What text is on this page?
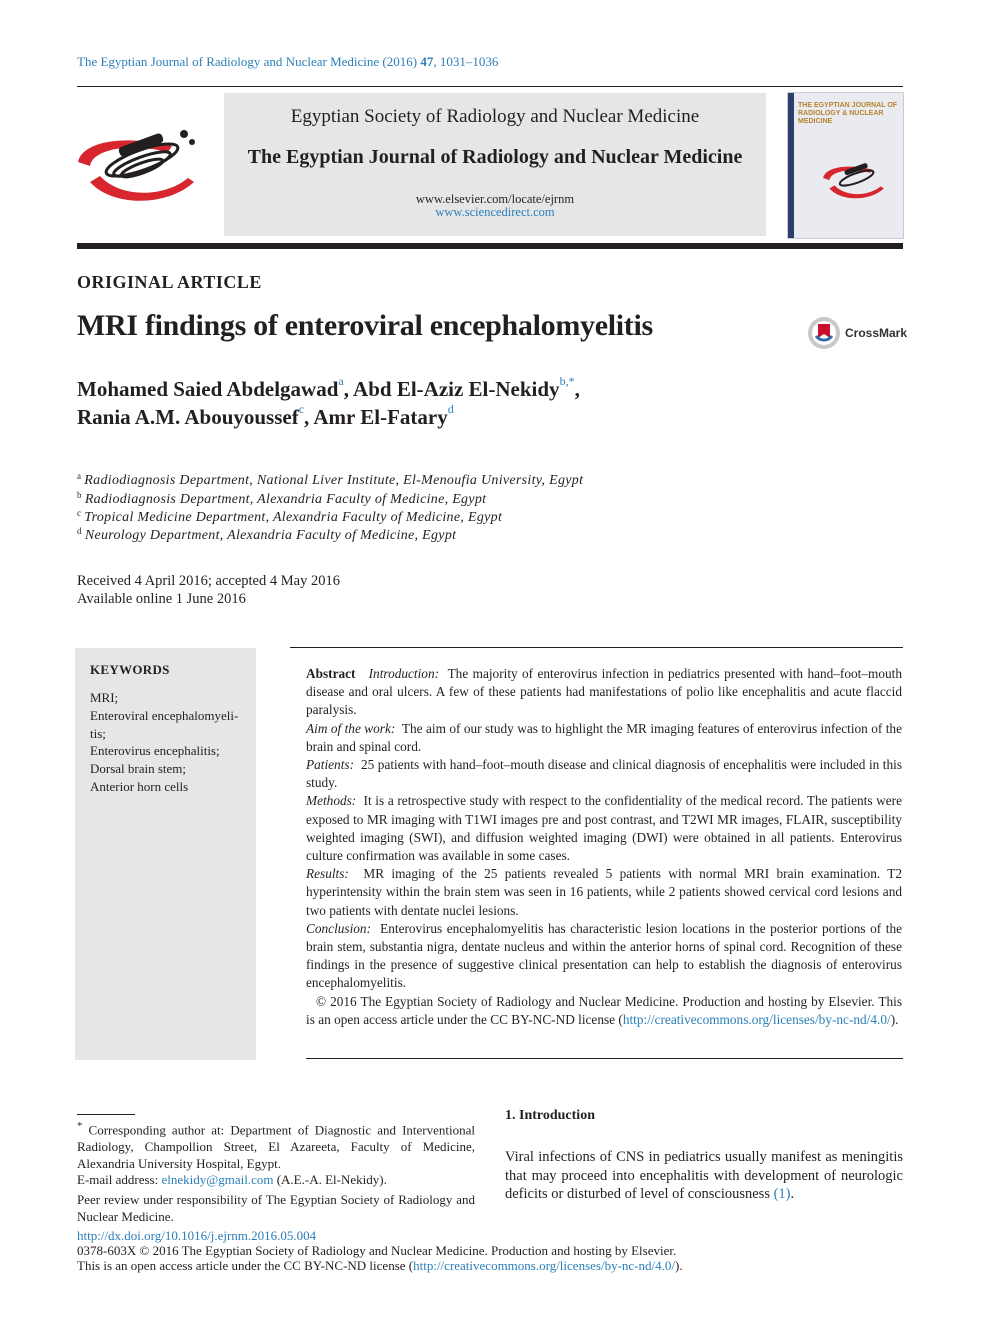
The Egyptian Journal of Radiology and Nuclear Medicine (2016) 47, 1031–1036
Egyptian Society of Radiology and Nuclear Medicine
The Egyptian Journal of Radiology and Nuclear Medicine
www.elsevier.com/locate/ejrnm
www.sciencedirect.com
THE EGYPTIAN JOURNAL OF RADIOLOGY & NUCLEAR MEDICINE
ORIGINAL ARTICLE
MRI findings of enteroviral encephalomyelitis	CrossMark
Mohamed Saied Abdelgawad$^a$, Abd El-Aziz El-Nekidy$^{b,*}$,
Rania A.M. Abouyoussef$^c$, Amr El-Fatary$^d$
$^a$ Radiodiagnosis Department, National Liver Institute, El-Menoufia University, Egypt
$^b$ Radiodiagnosis Department, Alexandria Faculty of Medicine, Egypt
$^c$ Tropical Medicine Department, Alexandria Faculty of Medicine, Egypt
$^d$ Neurology Department, Alexandria Faculty of Medicine, Egypt
Received 4 April 2016; accepted 4 May 2016
Available online 1 June 2016
KEYWORDS
MRI;
Enteroviral encephalomyeli-tis;
Enterovirus encephalitis;
Dorsal brain stem;
Anterior horn cells

Abstract Introduction: The majority of enterovirus infection in pediatrics presented with hand–foot–mouth disease and oral ulcers. A few of these patients had manifestations of polio like encephalitis and acute flaccid paralysis.

Aim of the work: The aim of our study was to highlight the MR imaging features of enterovirus infection of the brain and spinal cord.

Patients: 25 patients with hand–foot–mouth disease and clinical diagnosis of encephalitis were included in this study.

Methods: It is a retrospective study with respect to the confidentiality of the medical record. The patients were exposed to MR imaging with T1WI images pre and post contrast, and T2WI MR images, FLAIR, susceptibility weighted imaging (SWI), and diffusion weighted imaging (DWI) were obtained in all patients. Enterovirus culture confirmation was available in some cases.

Results: MR imaging of the 25 patients revealed 5 patients with normal MRI brain examination. T2 hyperintensity within the brain stem was seen in 16 patients, while 2 patients showed cervical cord lesions and two patients with dentate nuclei lesions.

Conclusion: Enterovirus encephalomyelitis has characteristic lesion locations in the posterior portions of the brain stem, substantia nigra, dentate nucleus and within the anterior horns of spinal cord. Recognition of these findings in the presence of suggestive clinical presentation can help to establish the diagnosis of enterovirus encephalomyelitis.

© 2016 The Egyptian Society of Radiology and Nuclear Medicine. Production and hosting by Elsevier. This is an open access article under the CC BY-NC-ND license (http://creativecommons.org/licenses/by-nc-nd/4.0/).

* Corresponding author at: Department of Diagnostic and Interventional Radiology, Champollion Street, El Azareeta, Faculty of Medicine, Alexandria University Hospital, Egypt.

E-mail address: elnekidy@gmail.com (A.E.-A. El-Nekidy).

Peer review under responsibility of The Egyptian Society of Radiology and Nuclear Medicine.

1. Introduction
Viral infections of CNS in pediatrics usually manifest as meningitis that may proceed into encephalitis with development of neurologic deficits or disturbed of level of consciousness (1).
http://dx.doi.org/10.1016/j.ejrnm.2016.05.004
0378-603X © 2016 The Egyptian Society of Radiology and Nuclear Medicine. Production and hosting by Elsevier.
This is an open access article under the CC BY-NC-ND license (http://creativecommons.org/licenses/by-nc-nd/4.0/).
